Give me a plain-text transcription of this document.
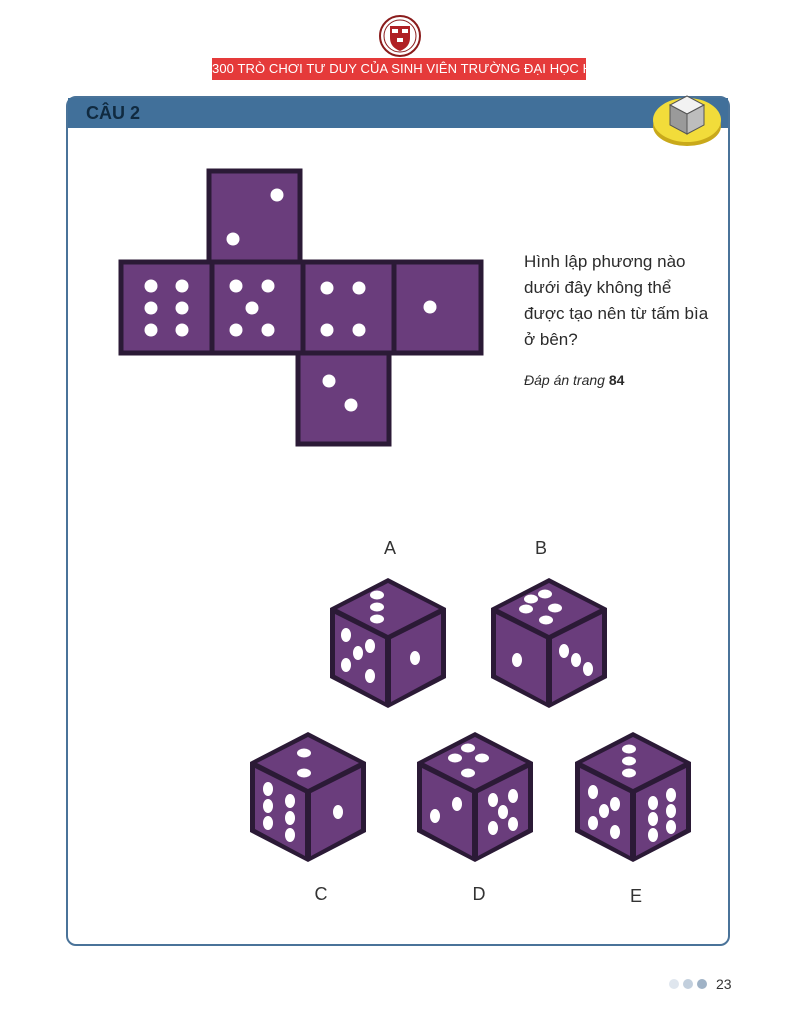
300 TRÒ CHƠI TƯ DUY CỦA SINH VIÊN TRƯỜNG ĐẠI HỌC HARVARD
CÂU 2
Hình lập phương nào dưới đây không thể được tạo nên từ tấm bìa ở bên?
Đáp án trang 84
A	B
C	D	E
23
